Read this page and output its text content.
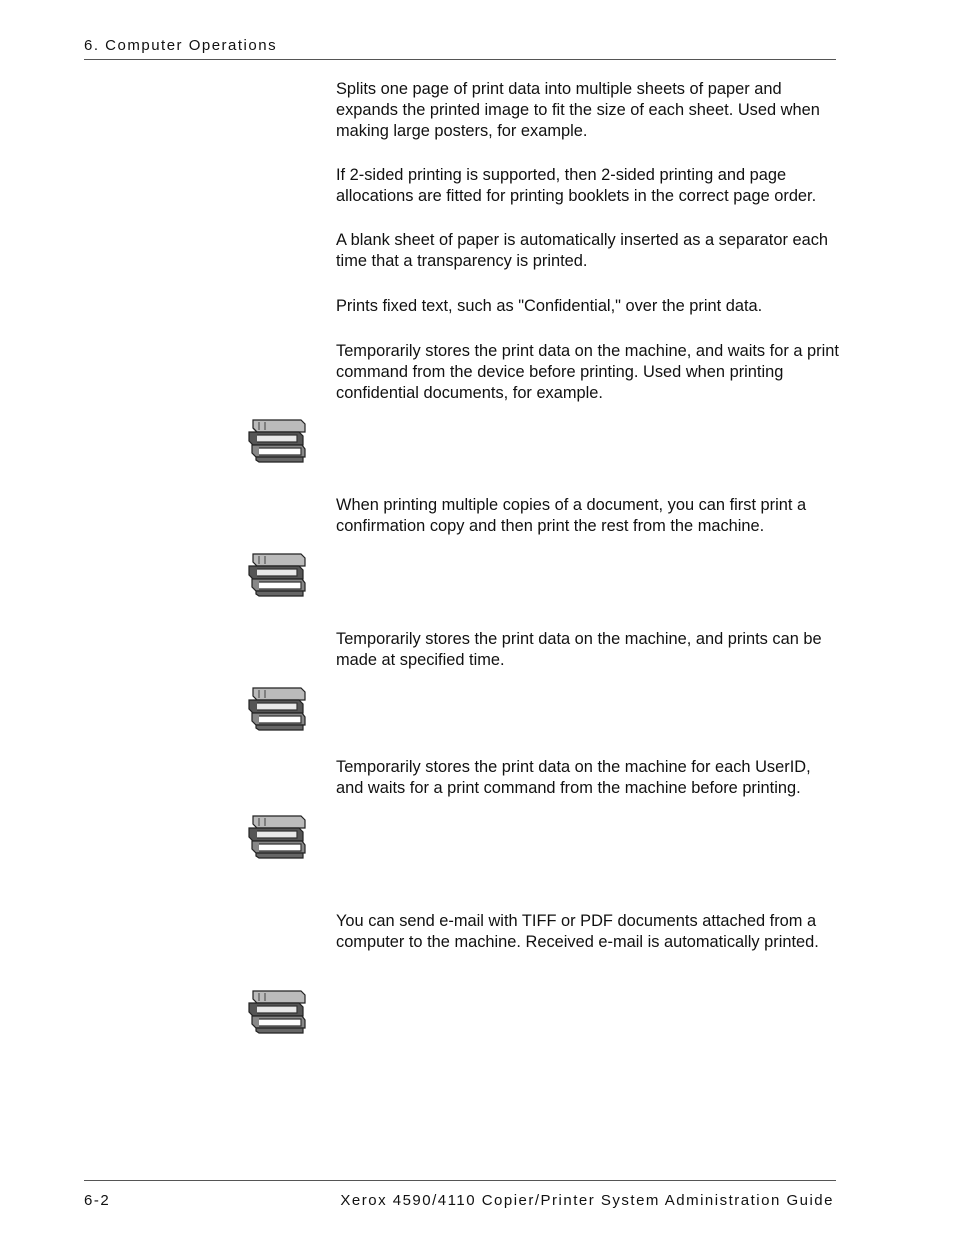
6. Computer Operations

Splits one page of print data into multiple sheets of paper and expands the printed image to fit the size of each sheet. Used when making large posters, for example.

If 2-sided printing is supported, then 2-sided printing and page allocations are fitted for printing booklets in the correct page order.

A blank sheet of paper is automatically inserted as a separator each time that a transparency is printed.

Prints fixed text, such as "Confidential," over the print data.

Temporarily stores the print data on the machine, and waits for a print command from the device before printing. Used when printing confidential documents, for example.

When printing multiple copies of a document, you can first print a confirmation copy and then print the rest from the machine.

Temporarily stores the print data on the machine, and prints can be made at specified time.

Temporarily stores the print data on the machine for each UserID, and waits for a print command from the machine before printing.

You can send e-mail with TIFF or PDF documents attached from a computer to the machine. Received e-mail is automatically printed.

6-2	Xerox 4590/4110 Copier/Printer System Administration Guide
